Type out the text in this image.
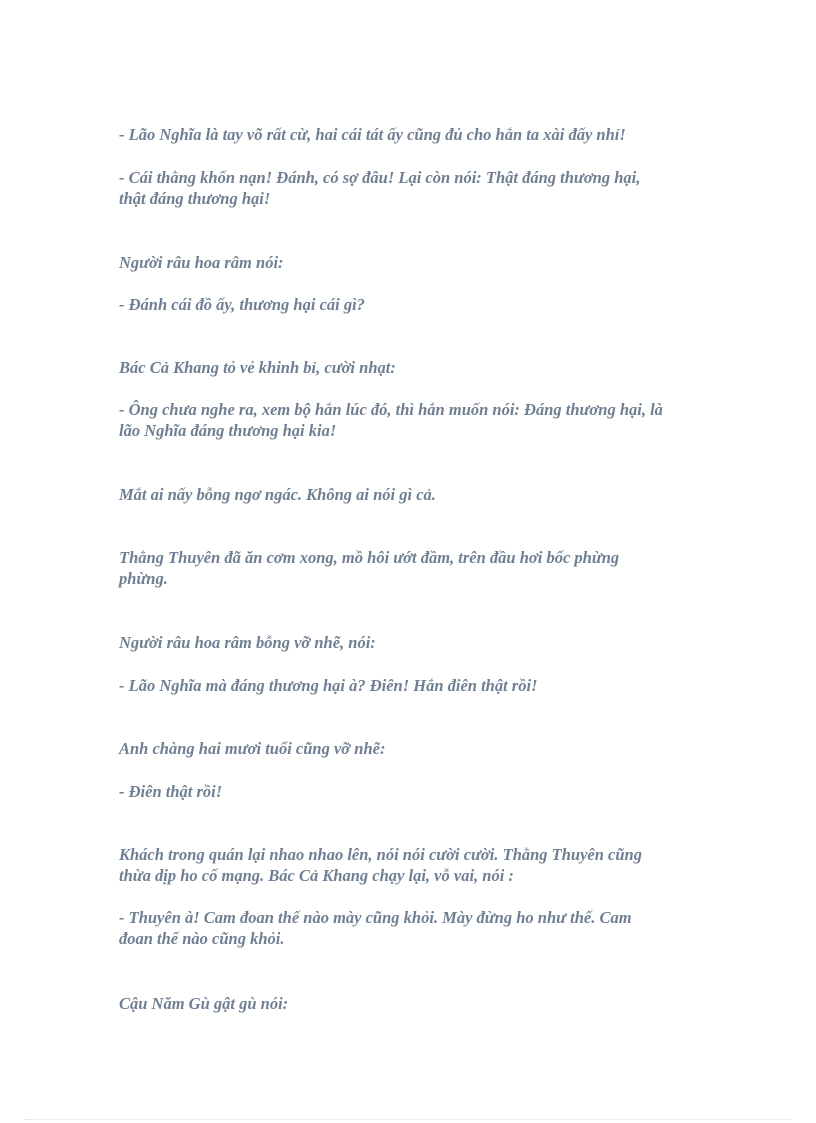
- Lão Nghĩa là tay võ rất cừ, hai cái tát ấy cũng đủ cho hắn ta xài đấy nhỉ!

- Cái thằng khốn nạn! Đánh, có sợ đâu! Lại còn nói: Thật đáng thương hại,
thật đáng thương hại!

Người râu hoa râm nói:

- Đánh cái đồ ấy, thương hại cái gì?

Bác Cả Khang tỏ vẻ khinh bỉ, cười nhạt:

- Ông chưa nghe ra, xem bộ hắn lúc đó, thì hắn muốn nói: Đáng thương hại, là
lão Nghĩa đáng thương hại kia!

Mắt ai nấy bỗng ngơ ngác. Không ai nói gì cả.

Thằng Thuyên đã ăn cơm xong, mồ hôi ướt đầm, trên đầu hơi bốc phừng
phừng.

Người râu hoa râm bỗng vỡ nhẽ, nói:

- Lão Nghĩa mà đáng thương hại à? Điên! Hắn điên thật rồi!

Anh chàng hai mươi tuổi cũng vỡ nhẽ:

- Điên thật rồi!

Khách trong quán lại nhao nhao lên, nói nói cười cười. Thằng Thuyên cũng
thừa dịp ho cố mạng. Bác Cả Khang chạy lại, vỗ vai, nói :

- Thuyên à! Cam đoan thế nào mày cũng khỏi. Mày đừng ho như thế. Cam
đoan thế nào cũng khỏi.

Cậu Năm Gù gật gù nói:
